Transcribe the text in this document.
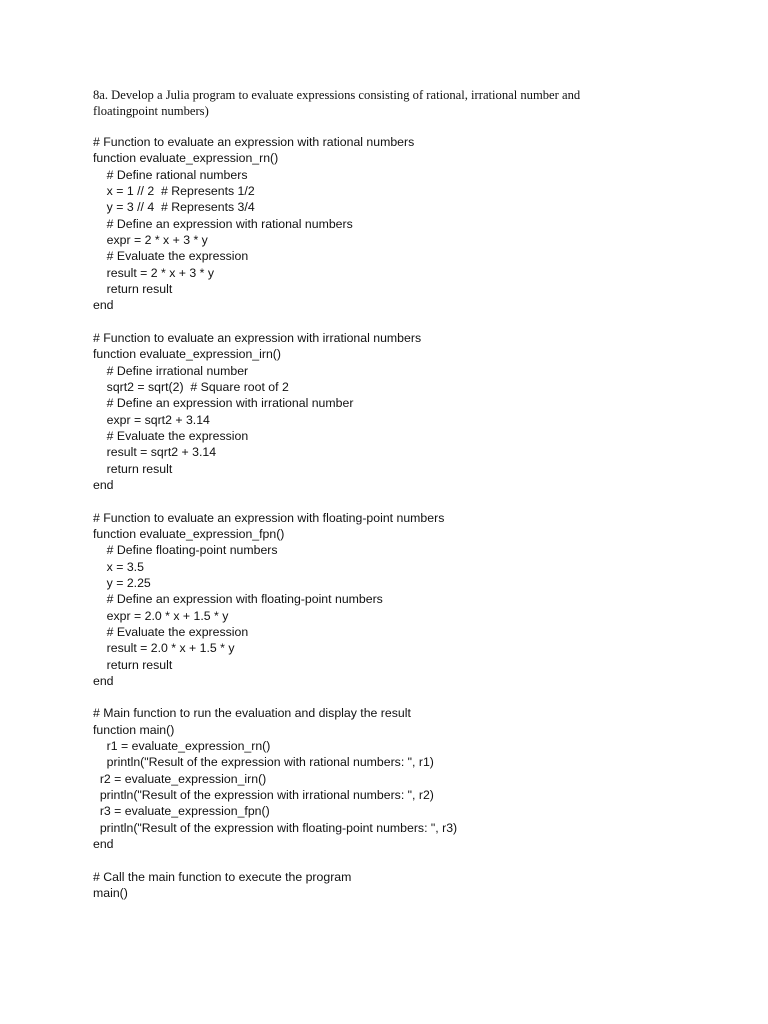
8a. Develop a Julia program to evaluate expressions consisting of rational, irrational number and
floatingpoint numbers)
# Function to evaluate an expression with rational numbers
function evaluate_expression_rn()
# Define rational numbers
x = 1 // 2  # Represents 1/2
y = 3 // 4  # Represents 3/4
# Define an expression with rational numbers
expr = 2 * x + 3 * y
# Evaluate the expression
result = 2 * x + 3 * y
return result
end
# Function to evaluate an expression with irrational numbers
function evaluate_expression_irn()
# Define irrational number
sqrt2 = sqrt(2)  # Square root of 2
# Define an expression with irrational number
expr = sqrt2 + 3.14
# Evaluate the expression
result = sqrt2 + 3.14
return result
end
# Function to evaluate an expression with floating-point numbers
function evaluate_expression_fpn()
# Define floating-point numbers
x = 3.5
y = 2.25
# Define an expression with floating-point numbers
expr = 2.0 * x + 1.5 * y
# Evaluate the expression
result = 2.0 * x + 1.5 * y
return result
end
# Main function to run the evaluation and display the result
function main()
r1 = evaluate_expression_rn()
println("Result of the expression with rational numbers: ", r1)
r2 = evaluate_expression_irn()
println("Result of the expression with irrational numbers: ", r2)
r3 = evaluate_expression_fpn()
println("Result of the expression with floating-point numbers: ", r3)
end
# Call the main function to execute the program
main()
